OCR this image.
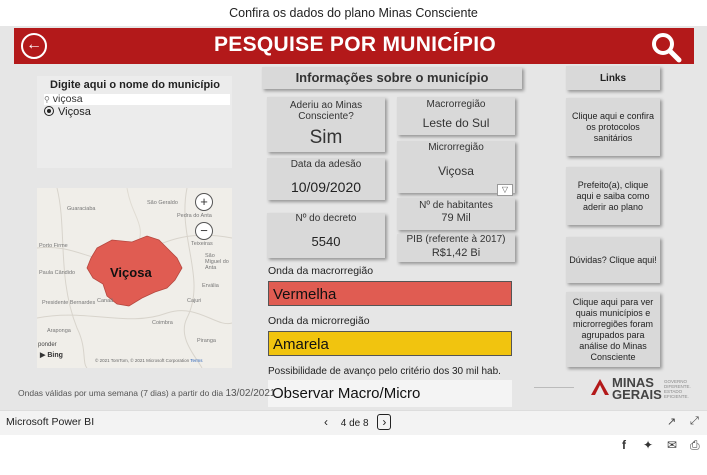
Confira os dados do plano Minas Consciente
←	PESQUISE POR MUNICÍPIO
Digite aqui o nome do município
⚲ viçosa
Viçosa
Guaraciaba
Pedra do Anta
São Miguel do Anta
Teixeiras
Porto Firme
Paula Cândido
Coimbra
Cajuri
São Geraldo
Canaã
Araponga
Ervália
Presidente Bernardes
Piranga
Viçosa
ponder
▶ Bing
© 2021 TomTom, © 2021 Microsoft Corporation Terms
+
−
Informações sobre o município
Aderiu ao Minas Consciente?
Sim
Macrorregião
Leste do Sul
Data da adesão
10/09/2020
Microrregião
Viçosa
▽
Nº do decreto
5540
Nº de habitantes
79 Mil
PIB (referente à 2017)
R$1,42 Bi
Onda da macrorregião
Vermelha
Onda da microrregião
Amarela
Possibilidade de avanço pelo critério dos 30 mil hab.
Observar Macro/Micro
Links
Clique aqui e confira os protocolos sanitários
Prefeito(a), clique aqui e saiba como aderir ao plano
Dúvidas? Clique aqui!
Clique aqui para ver quais municípios e microrregiões foram agrupados para análise do Minas Consciente
Ondas válidas por uma semana (7 dias) a partir do dia 13/02/2021
MINAS
GERAIS
GOVERNO DIFERENTE. ESTADO EFICIENTE.
Microsoft Power BI	‹ 4 de 8 ›	↗ ⤢
f ✦ ✉ ⎙
